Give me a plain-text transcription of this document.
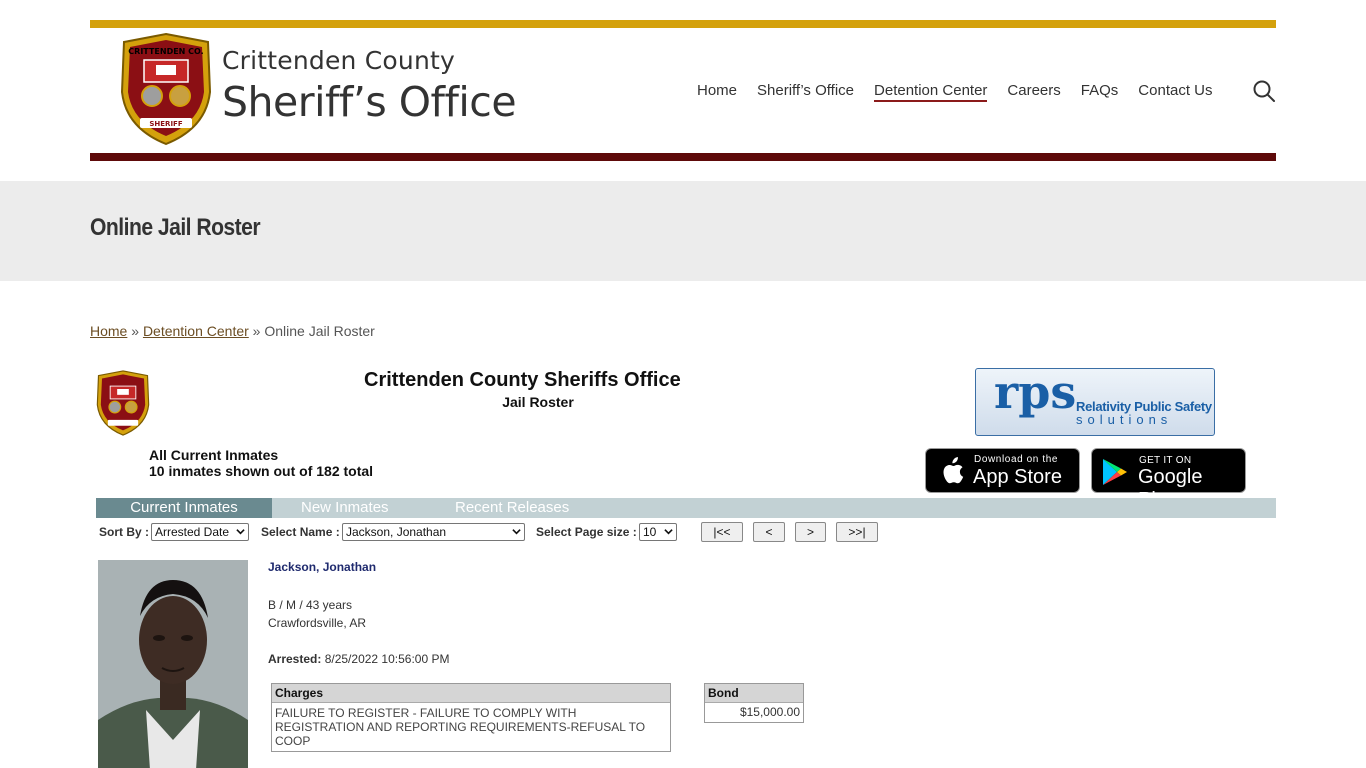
CRITTENDEN CO.
SHERIFF
Crittenden County
Sheriff’s Office	Home Sheriff’s Office Detention Center Careers FAQs Contact Us
Online Jail Roster
Home » Detention Center » Online Jail Roster
Crittenden County Sheriffs Office
Jail Roster
All Current Inmates
10 inmates shown out of 182 total
rps Relativity Public Safety
solutions
Download on the
App Store
GET IT ON
Google
Current Inmates	New Inmates	Recent Releases
Sort By : Arrested Date	Select Name : Jackson, Jonathan	Select Page size : 10	|<<	<	>	>>|
Jackson, Jonathan
B / M / 43 years
Crawfordsville, AR
Arrested: 8/25/2022 10:56:00 PM
Charges
FAILURE TO REGISTER - FAILURE TO COMPLY WITH REGISTRATION AND REPORTING REQUIREMENTS-REFUSAL TO COOP
Bond
$15,000.00
